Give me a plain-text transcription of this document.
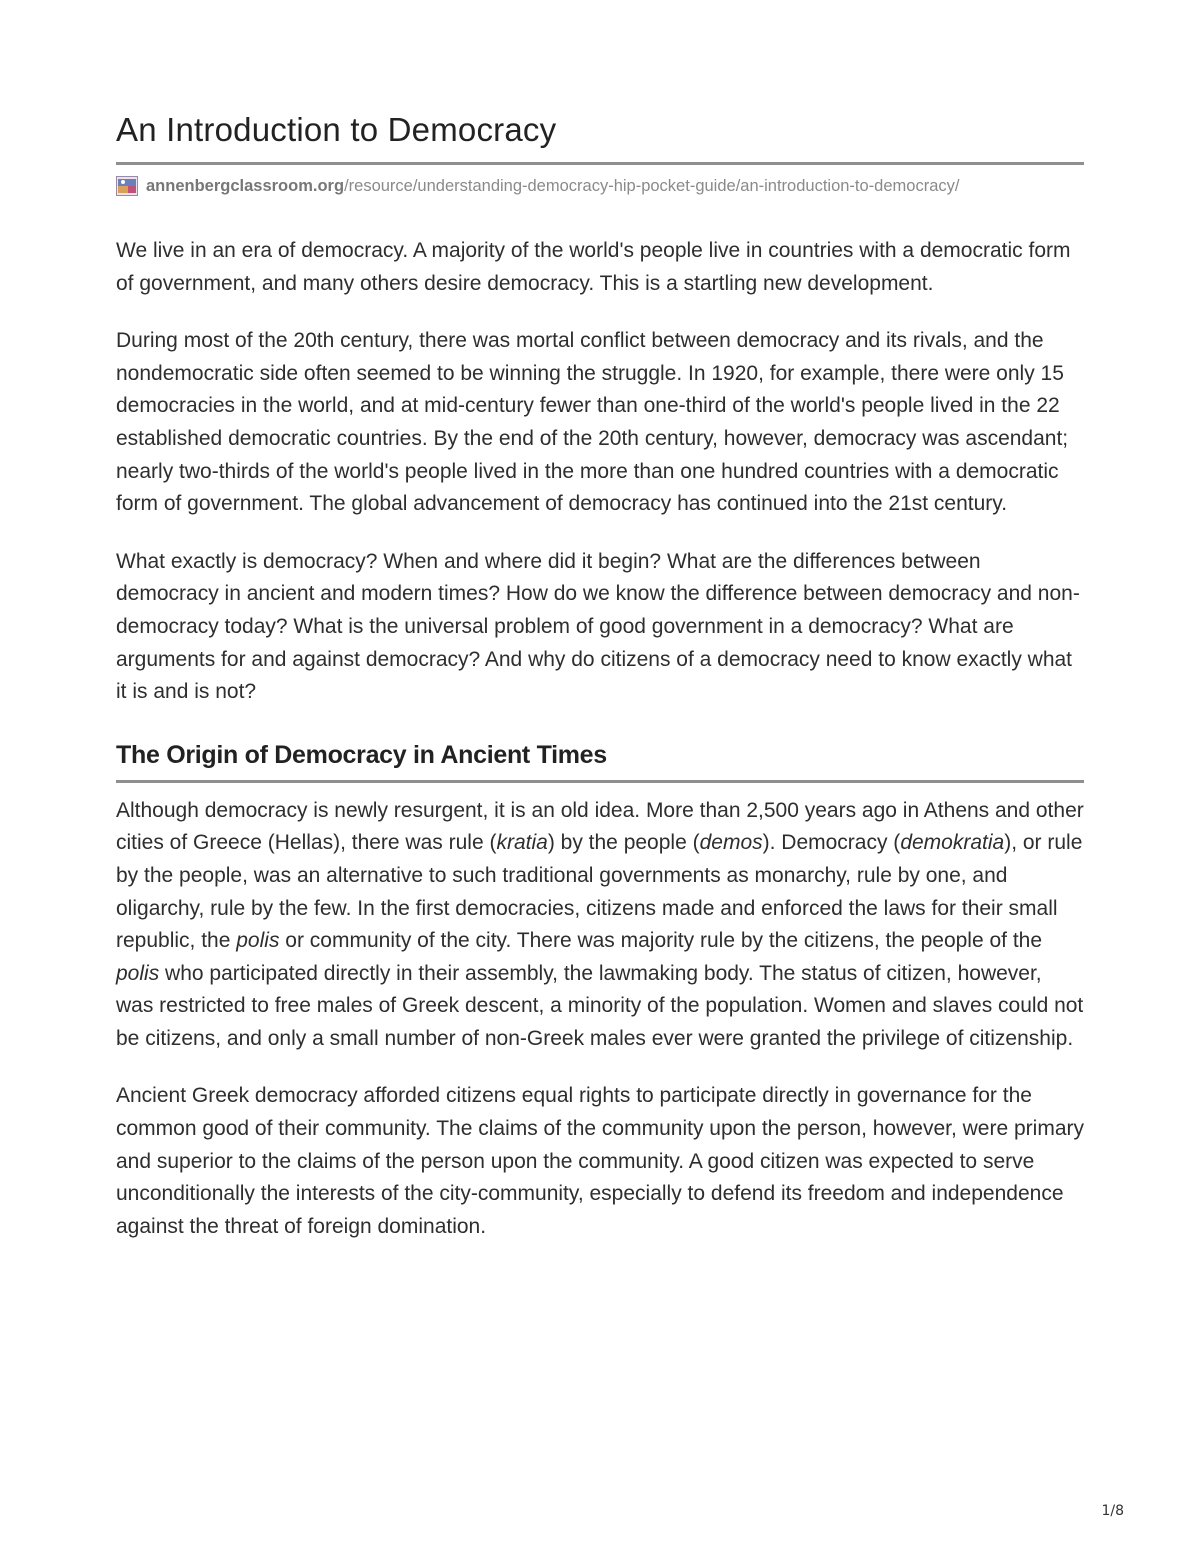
An Introduction to Democracy
annenbergclassroom.org /resource/understanding-democracy-hip-pocket-guide/an-introduction-to-democracy/

We live in an era of democracy. A majority of the world's people live in countries with a democratic form of government, and many others desire democracy. This is a startling new development.

During most of the 20th century, there was mortal conflict between democracy and its rivals, and the nondemocratic side often seemed to be winning the struggle. In 1920, for example, there were only 15 democracies in the world, and at mid-century fewer than one-third of the world's people lived in the 22 established democratic countries. By the end of the 20th century, however, democracy was ascendant; nearly two-thirds of the world's people lived in the more than one hundred countries with a democratic form of government. The global advancement of democracy has continued into the 21st century.

What exactly is democracy? When and where did it begin? What are the differences between democracy in ancient and modern times? How do we know the difference between democracy and non-democracy today? What is the universal problem of good government in a democracy? What are arguments for and against democracy? And why do citizens of a democracy need to know exactly what it is and is not?

The Origin of Democracy in Ancient Times

Although democracy is newly resurgent, it is an old idea. More than 2,500 years ago in Athens and other cities of Greece (Hellas), there was rule (kratia) by the people (demos). Democracy (demokratia), or rule by the people, was an alternative to such traditional governments as monarchy, rule by one, and oligarchy, rule by the few. In the first democracies, citizens made and enforced the laws for their small republic, the polis or community of the city. There was majority rule by the citizens, the people of the polis who participated directly in their assembly, the lawmaking body. The status of citizen, however, was restricted to free males of Greek descent, a minority of the population. Women and slaves could not be citizens, and only a small number of non-Greek males ever were granted the privilege of citizenship.

Ancient Greek democracy afforded citizens equal rights to participate directly in governance for the common good of their community. The claims of the community upon the person, however, were primary and superior to the claims of the person upon the community. A good citizen was expected to serve unconditionally the interests of the city-community, especially to defend its freedom and independence against the threat of foreign domination.

1/8
